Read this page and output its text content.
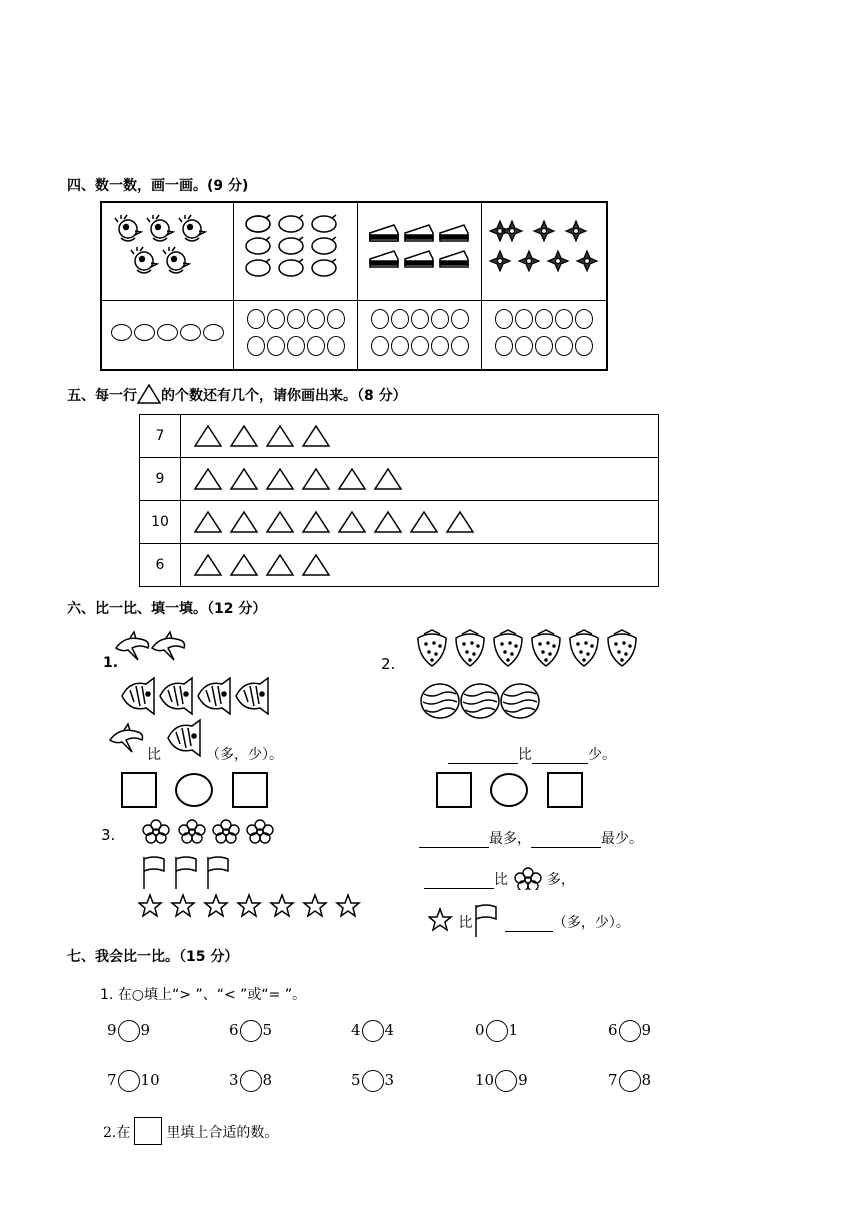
四、数一数，画一画。(9 分)

五、每一行 的个数还有几个，请你画出来。（8 分）
7	
9	
10	
6	
六、比一比、填一填。（12 分）
1.
比	（多，少）。
2.
比	少。
3.	最多，	最少。
比	多，
比	（多，少）。
七、我会比一比。（15 分）
1. 在○填上“> ”、“< ”或“= ”。
9 9	6 5	4 4	0 1	6 9
7 10	3 8	5 3	10 9	7 8
2.在	里填上合适的数。
